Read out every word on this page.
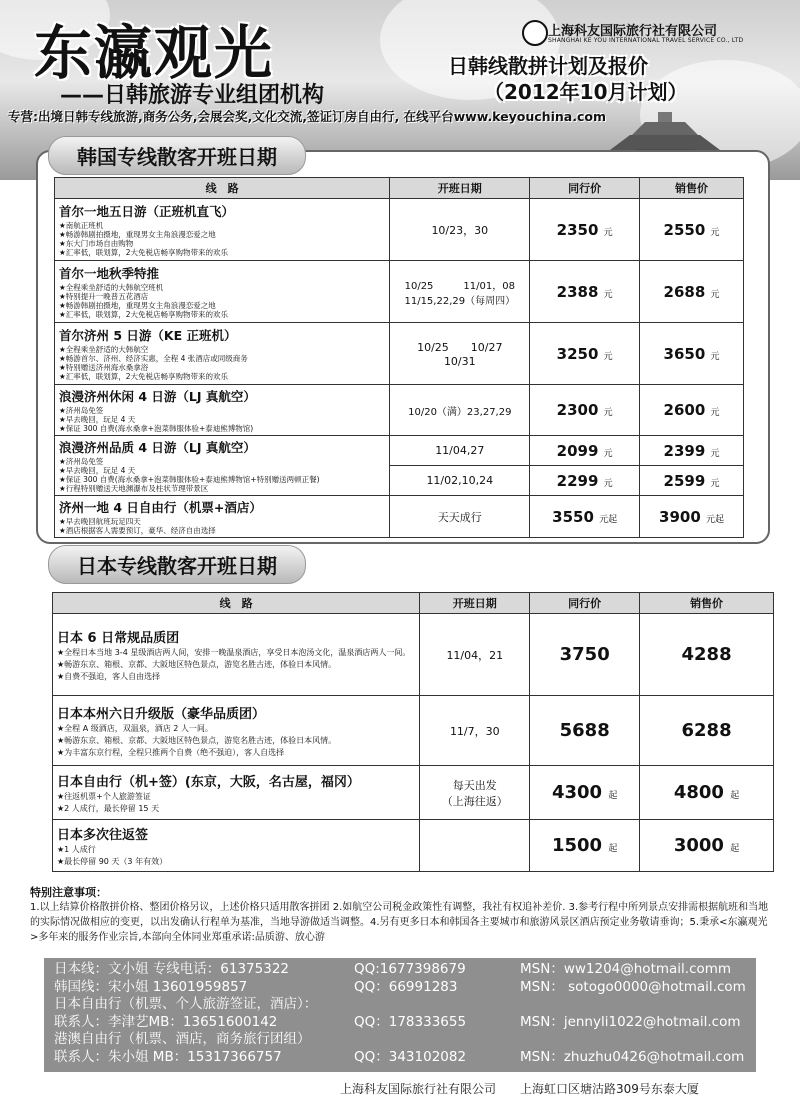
东瀛观光
——日韩旅游专业组团机构
上海科友国际旅行社有限公司
SHANGHAI KE YOU INTERNATIONAL TRAVEL SERVICE CO., LTD
日韩线散拼计划及报价
（2012年10月计划）
专营:出境日韩专线旅游,商务公务,会展会奖,文化交流,签证订房自由行, 在线平台www.keyouchina.com
韩国专线散客开班日期
线　路	开班日期	同行价	销售价

首尔一地五日游（正班机直飞）
★南航正班机
★畅游韩剧拍摄地，重现男女主角浪漫恋爱之地
★东大门市场自由购物
★汇率低，联划算，2大免税店畅享购物带来的欢乐	10/23，30	2350 元	2550 元

首尔一地秋季特推
★全程乘坐舒适的大韩航空班机
★特别提升一晚普五花酒店
★畅游韩剧拍摄地，重现男女主角浪漫恋爱之地
★汇率低，联划算，2大免税店畅享购物带来的欢乐	10/25　　　11/01，08
11/15,22,29（每周四）	2388 元	2688 元

首尔济州 5 日游（KE 正班机）
★全程乘坐舒适的大韩航空
★畅游首尔、济州、经济实惠，全程 4 张酒店或同级商务
★特别赠送济州海水桑拿浴
★汇率低，联划算，2大免税店畅享购物带来的欢乐	10/25　　10/27
10/31	3250 元	3650 元

浪漫济州休闲 4 日游（LJ 真航空）
★济州岛免签
★早去晚回，玩足 4 天
★保证 300 自费(海水桑拿+泡菜韩服体验+泰迪熊博物馆)	10/20（满）23,27,29	2300 元	2600 元

浪漫济州品质 4 日游（LJ 真航空）
★济州岛免签
★早去晚回，玩足 4 天
★保证 300 自费(海水桑拿+泡菜韩服体验+泰迪熊博物馆+特别赠送两顿正餐)
★行程特别赠送天地渊瀑布及柱状节理带景区	11/04,27	2099 元	2399 元
	11/02,10,24	2299 元	2599 元

济州一地 4 日自由行（机票+酒店）
★早去晚回航班玩足四天
★酒店根据客人需要预订，豪华、经济自由选择	天天成行	3550 元起	3900 元起
日本专线散客开班日期
线　路	开班日期	同行价	销售价

日本 6 日常规品质团
★全程日本当地 3-4 星级酒店两人间，安排一晚温泉酒店，享受日本泡汤文化，温泉酒店两人一间。
★畅游东京、箱根、京都、大阪地区特色景点，游览名胜古迹，体验日本风情。
★自费不强迫，客人自由选择	11/04，21	3750	4288

日本本州六日升级版（豪华品质团）
★全程 A 级酒店，双温泉，酒店 2 人一间。
★畅游东京、箱根、京都、大阪地区特色景点，游览名胜古迹，体验日本风情。
★为丰富东京行程，全程只推两个自费（绝不强迫），客人自选择	11/7，30	5688	6288

日本自由行（机+签）(东京，大阪，名古屋，福冈）
★往返机票+个人旅游签证
★2 人成行，最长停留 15 天	每天出发
（上海往返）	4300 起	4800 起

日本多次往返签
★1 人成行
★最长停留 90 天（3 年有效）		1500 起	3000 起
特别注意事项：
1.以上结算价格散拼价格、整团价格另议，上述价格只适用散客拼团 2.如航空公司税金政策性有调整，我社有权追补差价. 3.参考行程中所列景点安排需根据航班和当地的实际情况做相应的变更，以出发确认行程单为基准，当地导游做适当调整。4.另有更多日本和韩国各主要城市和旅游风景区酒店预定业务敬请垂询；5.秉承<东瀛观光>多年来的服务作业宗旨,本部向全体同业郑重承诺:品质游、放心游
日本线：文小姐 专线电话：61375322	QQ:1677398679	MSN：ww1204@hotmail.comm
韩国线：宋小姐 13601959857	QQ：66991283	MSN： sotogo0000@hotmail.com
日本自由行（机票、个人旅游签证，酒店）：
联系人：李津艺MB：13651600142	QQ：178333655	MSN：jennyli1022@hotmail.com
港澳自由行（机票、酒店，商务旅行团组）
联系人：朱小姐 MB：15317366757	QQ：343102082	MSN：zhuzhu0426@hotmail.com
上海科友国际旅行社有限公司　　上海虹口区塘沽路309号东泰大厦
